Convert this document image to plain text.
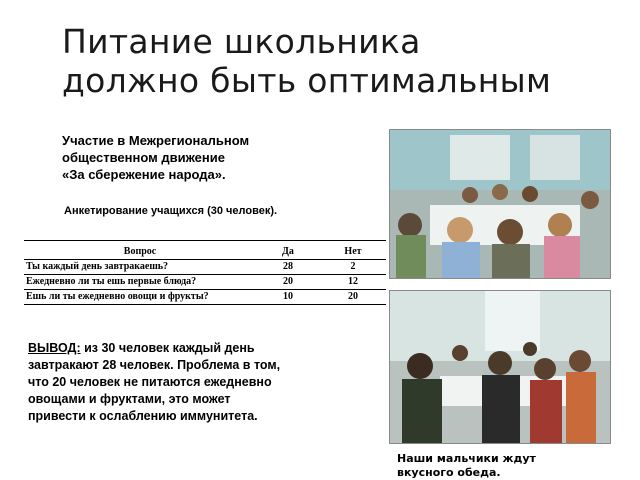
Питание школьника
должно быть оптимальным
Участие в Межрегиональном
общественном движение
«За сбережение народа».
Анкетирование учащихся (30 человек).
Вопрос	Да	Нет
Ты каждый день завтракаешь?	28	2
Ежедневно ли ты ешь первые блюда?	20	12
Ешь ли ты ежедневно овощи и фрукты?	10	20
ВЫВОД: из 30 человек каждый день
завтракают 28 человек. Проблема в том,
что 20 человек не питаются ежедневно
овощами и фруктами, это может
привести к ослаблению иммунитета.
Наши мальчики ждут
вкусного обеда.
